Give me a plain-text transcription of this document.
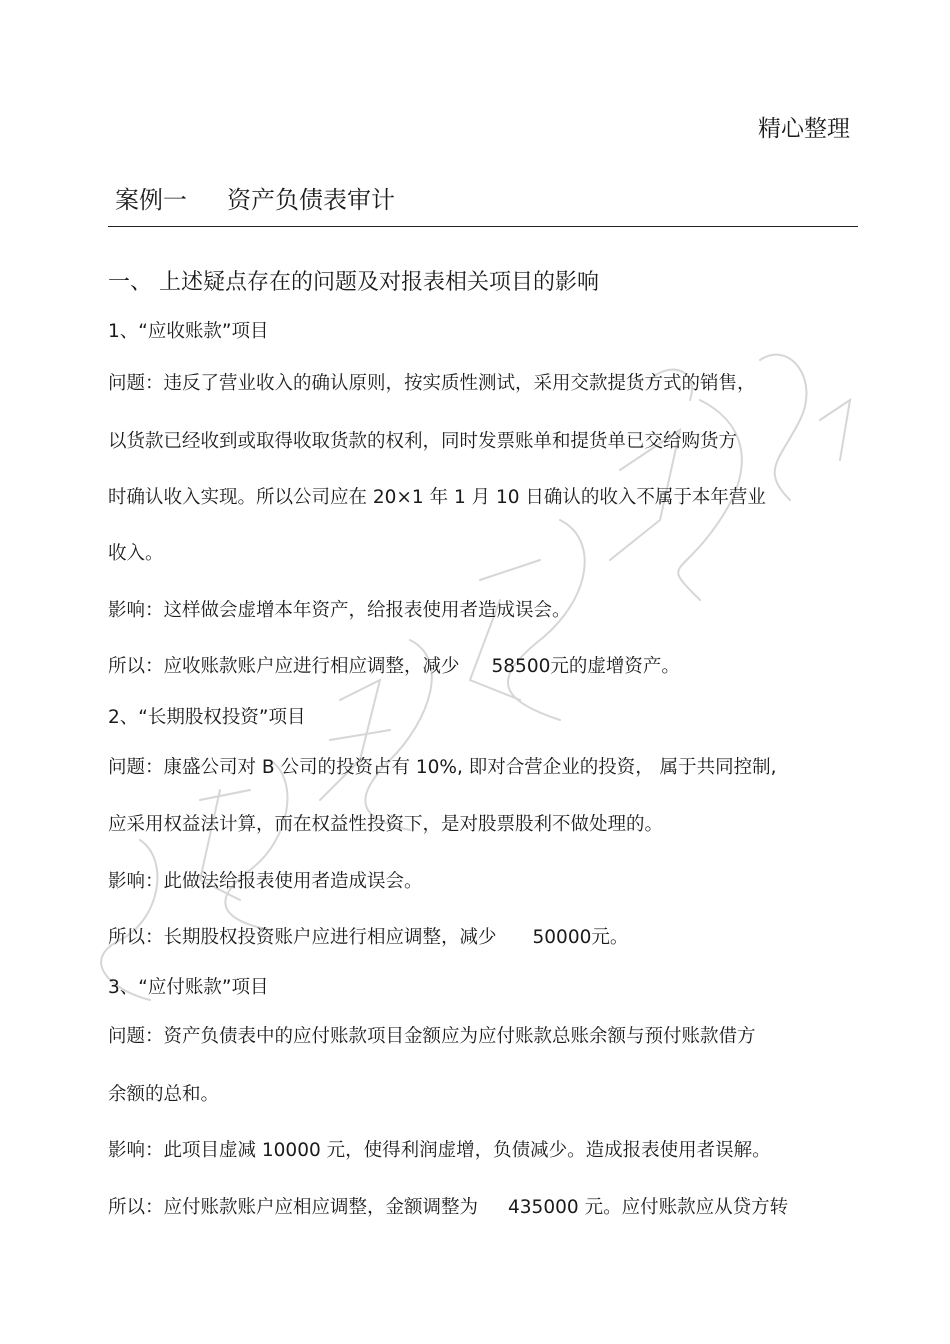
精心整理
案例一 资产负债表审计
一、 上述疑点存在的问题及对报表相关项目的影响
1、“应收账款”项目
问题：违反了营业收入的确认原则，按实质性测试，采用交款提货方式的销售，
以货款已经收到或取得收取货款的权利，同时发票账单和提货单已交给购货方
时确认收入实现。所以公司应在 20×1 年 1 月 10 日确认的收入不属于本年营业
收入。
影响：这样做会虚增本年资产，给报表使用者造成误会。
所以：应收账款账户应进行相应调整，减少 58500元的虚增资产。
2、“长期股权投资”项目
问题：康盛公司对 B 公司的投资占有 10%, 即对合营企业的投资， 属于共同控制,
应采用权益法计算，而在权益性投资下，是对股票股利不做处理的。
影响：此做法给报表使用者造成误会。
所以：长期股权投资账户应进行相应调整，减少 50000元。
3、“应付账款”项目
问题：资产负债表中的应付账款项目金额应为应付账款总账余额与预付账款借方
余额的总和。
影响：此项目虚减 10000 元，使得利润虚增，负债减少。造成报表使用者误解。
所以：应付账款账户应相应调整，金额调整为 435000 元。应付账款应从贷方转
